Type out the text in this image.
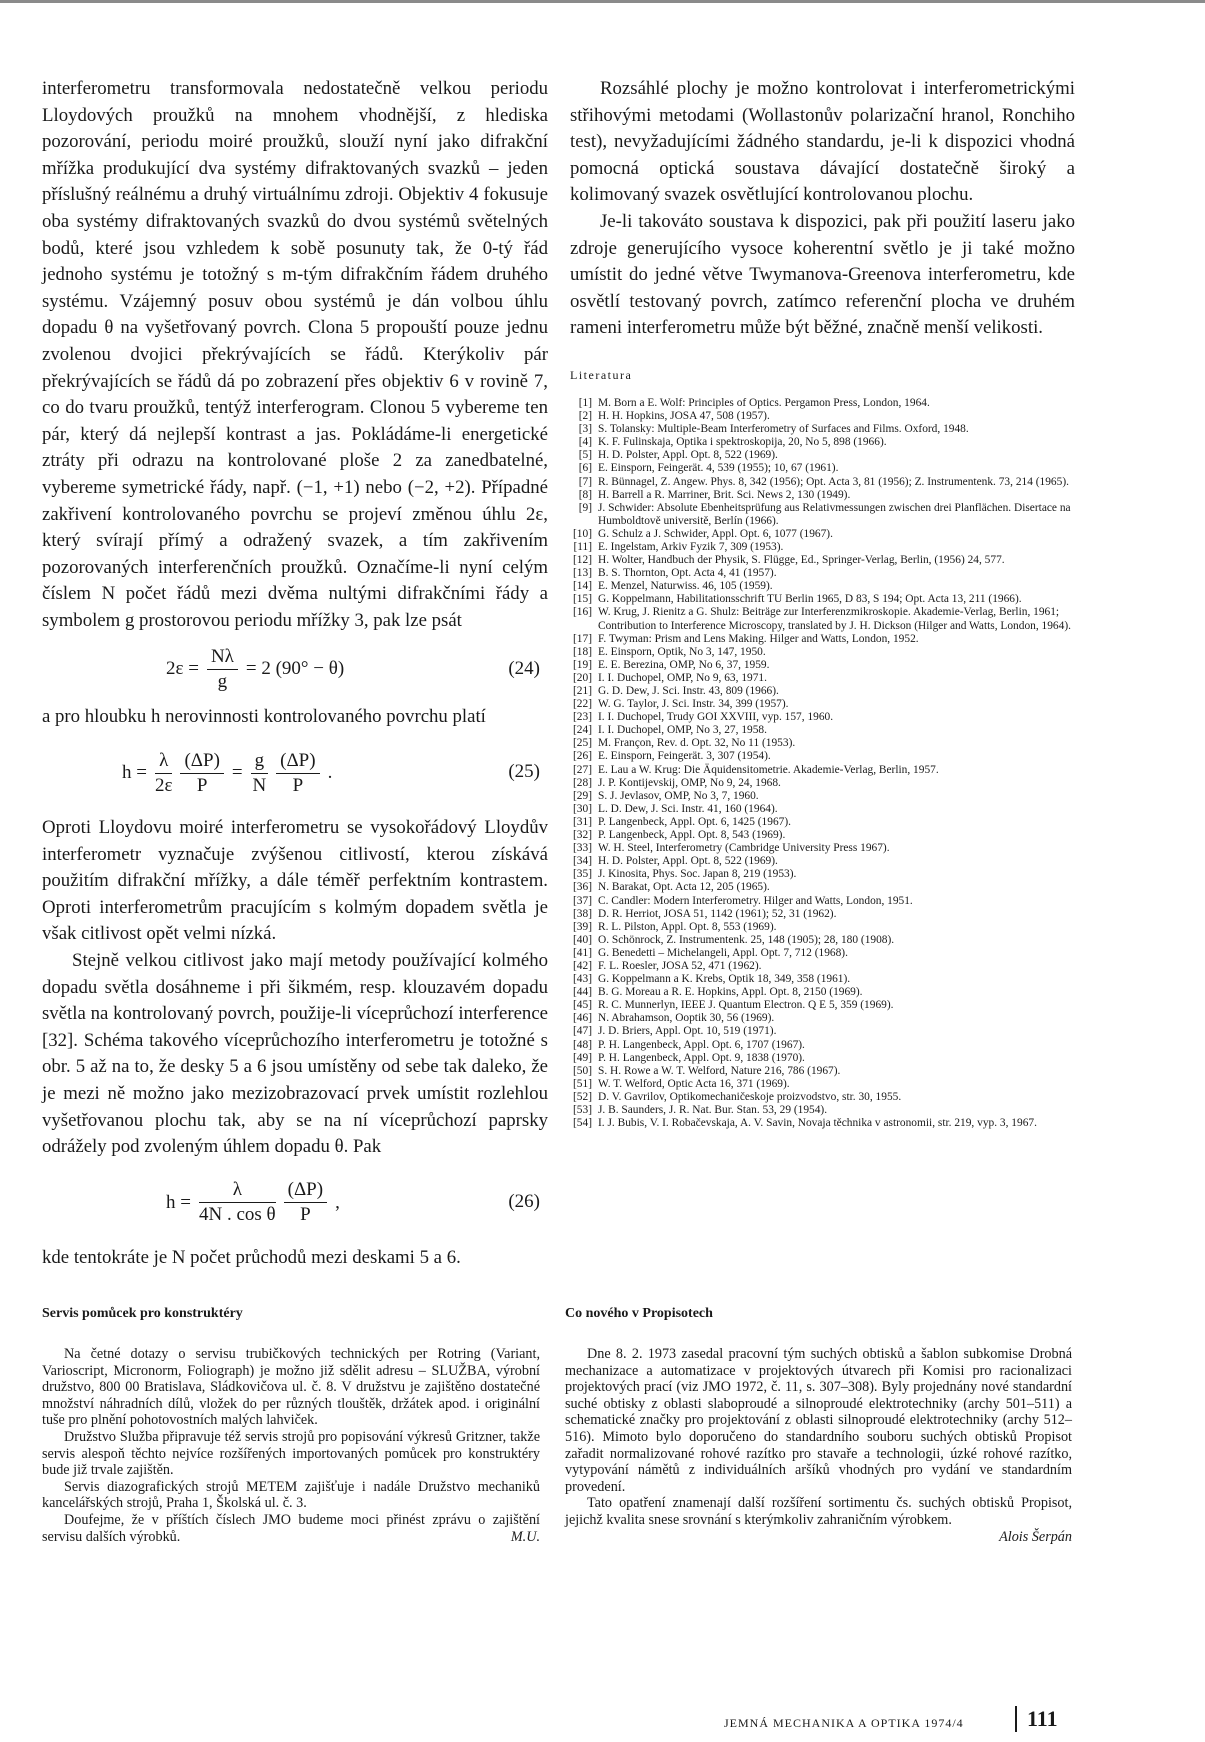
interferometru transformovala nedostatečně velkou periodu Lloydových proužků na mnohem vhodnější, z hlediska pozorování, periodu moiré proužků, slouží nyní jako difrakční mřížka produkující dva systémy difraktovaných svazků – jeden příslušný reálnému a druhý virtuálnímu zdroji. Objektiv 4 fokusuje oba systémy difraktovaných svazků do dvou systémů světelných bodů, které jsou vzhledem k sobě posunuty tak, že 0-tý řád jednoho systému je totožný s m-tým difrakčním řádem druhého systému. Vzájemný posuv obou systémů je dán volbou úhlu dopadu θ na vyšetřovaný povrch. Clona 5 propouští pouze jednu zvolenou dvojici překrývajících se řádů. Kterýkoliv pár překrývajících se řádů dá po zobrazení přes objektiv 6 v rovině 7, co do tvaru proužků, tentýž interferogram. Clonou 5 vybereme ten pár, který dá nejlepší kontrast a jas. Pokládáme-li energetické ztráty při odrazu na kontrolované ploše 2 za zanedbatelné, vybereme symetrické řády, např. (−1, +1) nebo (−2, +2). Případné zakřivení kontrolovaného povrchu se projeví změnou úhlu 2ε, který svírají přímý a odražený svazek, a tím zakřivením pozorovaných interferenčních proužků. Označíme-li nyní celým číslem N počet řádů mezi dvěma nultými difrakčními řády a symbolem g prostorovou periodu mřížky 3, pak lze psát

$2\varepsilon = \frac{N\lambda}{g} = 2$ (90° − θ)	(24)

a pro hloubku h nerovinnosti kontrolovaného povrchu platí

$h = \frac{\lambda}{2\varepsilon} \frac{(\Delta P)}{P} = \frac{g}{N} \frac{(\Delta P)}{P}$ .	(25)

Oproti Lloydovu moiré interferometru se vysokořádový Lloydův interferometr vyznačuje zvýšenou citlivostí, kterou získává použitím difrakční mřížky, a dále téměř perfektním kontrastem. Oproti interferometrům pracujícím s kolmým dopadem světla je však citlivost opět velmi nízká.

Stejně velkou citlivost jako mají metody používající kolmého dopadu světla dosáhneme i při šikmém, resp. klouzavém dopadu světla na kontrolovaný povrch, použije-li víceprůchozí interference [32]. Schéma takového víceprůchozího interferometru je totožné s obr. 5 až na to, že desky 5 a 6 jsou umístěny od sebe tak daleko, že je mezi ně možno jako mezizobrazovací prvek umístit rozlehlou vyšetřovanou plochu tak, aby se na ní víceprůchozí paprsky odrážely pod zvoleným úhlem dopadu θ. Pak

$h = \frac{\lambda}{\text{4N . cos θ}} \frac{(\Delta P)}{P}$ ,	(26)

kde tentokráte je N počet průchodů mezi deskami 5 a 6.

Rozsáhlé plochy je možno kontrolovat i interferometrickými střihovými metodami (Wollastonův polarizační hranol, Ronchiho test), nevyžadujícími žádného standardu, je-li k dispozici vhodná pomocná optická soustava dávající dostatečně široký a kolimovaný svazek osvětlující kontrolovanou plochu.

Je-li takováto soustava k dispozici, pak při použití laseru jako zdroje generujícího vysoce koherentní světlo je ji také možno umístit do jedné větve Twymanova-Greenova interferometru, kde osvětlí testovaný povrch, zatímco referenční plocha ve druhém rameni interferometru může být běžné, značně menší velikosti.

Literatura
[1] M. Born a E. Wolf: Principles of Optics. Pergamon Press, London, 1964.
[2] H. H. Hopkins, JOSA 47, 508 (1957).
[3] S. Tolansky: Multiple-Beam Interferometry of Surfaces and Films. Oxford, 1948.
[4] K. F. Fulinskaja, Optika i spektroskopija, 20, No 5, 898 (1966).
[5] H. D. Polster, Appl. Opt. 8, 522 (1969).
[6] E. Einsporn, Feingerät. 4, 539 (1955); 10, 67 (1961).
[7] R. Bünnagel, Z. Angew. Phys. 8, 342 (1956); Opt. Acta 3, 81 (1956); Z. Instrumentenk. 73, 214 (1965).
[8] H. Barrell a R. Marriner, Brit. Sci. News 2, 130 (1949).
[9] J. Schwider: Absolute Ebenheitsprüfung aus Relativmessungen zwischen drei Planflächen. Disertace na Humboldtově universitě, Berlín (1966).
[10] G. Schulz a J. Schwider, Appl. Opt. 6, 1077 (1967).
[11] E. Ingelstam, Arkiv Fyzik 7, 309 (1953).
[12] H. Wolter, Handbuch der Physik, S. Flügge, Ed., Springer-Verlag, Berlin, (1956) 24, 577.
[13] B. S. Thornton, Opt. Acta 4, 41 (1957).
[14] E. Menzel, Naturwiss. 46, 105 (1959).
[15] G. Koppelmann, Habilitationsschrift TU Berlin 1965, D 83, S 194; Opt. Acta 13, 211 (1966).
[16] W. Krug, J. Rienitz a G. Shulz: Beiträge zur Interferenzmikroskopie. Akademie-Verlag, Berlin, 1961; Contribution to Interference Microscopy, translated by J. H. Dickson (Hilger and Watts, London, 1964).
[17] F. Twyman: Prism and Lens Making. Hilger and Watts, London, 1952.
[18] E. Einsporn, Optik, No 3, 147, 1950.
[19] E. E. Berezina, OMP, No 6, 37, 1959.
[20] I. I. Duchopel, OMP, No 9, 63, 1971.
[21] G. D. Dew, J. Sci. Instr. 43, 809 (1966).
[22] W. G. Taylor, J. Sci. Instr. 34, 399 (1957).
[23] I. I. Duchopel, Trudy GOI XXVIII, vyp. 157, 1960.
[24] I. I. Duchopel, OMP, No 3, 27, 1958.
[25] M. Françon, Rev. d. Opt. 32, No 11 (1953).
[26] E. Einsporn, Feingerät. 3, 307 (1954).
[27] E. Lau a W. Krug: Die Äquidensitometrie. Akademie-Verlag, Berlin, 1957.
[28] J. P. Kontijevskij, OMP, No 9, 24, 1968.
[29] S. J. Jevlasov, OMP, No 3, 7, 1960.
[30] L. D. Dew, J. Sci. Instr. 41, 160 (1964).
[31] P. Langenbeck, Appl. Opt. 6, 1425 (1967).
[32] P. Langenbeck, Appl. Opt. 8, 543 (1969).
[33] W. H. Steel, Interferometry (Cambridge University Press 1967).
[34] H. D. Polster, Appl. Opt. 8, 522 (1969).
[35] J. Kinosita, Phys. Soc. Japan 8, 219 (1953).
[36] N. Barakat, Opt. Acta 12, 205 (1965).
[37] C. Candler: Modern Interferometry. Hilger and Watts, London, 1951.
[38] D. R. Herriot, JOSA 51, 1142 (1961); 52, 31 (1962).
[39] R. L. Pilston, Appl. Opt. 8, 553 (1969).
[40] O. Schönrock, Z. Instrumentenk. 25, 148 (1905); 28, 180 (1908).
[41] G. Benedetti – Michelangeli, Appl. Opt. 7, 712 (1968).
[42] F. L. Roesler, JOSA 52, 471 (1962).
[43] G. Koppelmann a K. Krebs, Optik 18, 349, 358 (1961).
[44] B. G. Moreau a R. E. Hopkins, Appl. Opt. 8, 2150 (1969).
[45] R. C. Munnerlyn, IEEE J. Quantum Electron. Q E 5, 359 (1969).
[46] N. Abrahamson, Ooptik 30, 56 (1969).
[47] J. D. Briers, Appl. Opt. 10, 519 (1971).
[48] P. H. Langenbeck, Appl. Opt. 6, 1707 (1967).
[49] P. H. Langenbeck, Appl. Opt. 9, 1838 (1970).
[50] S. H. Rowe a W. T. Welford, Nature 216, 786 (1967).
[51] W. T. Welford, Optic Acta 16, 371 (1969).
[52] D. V. Gavrilov, Optikomechaničeskoje proizvodstvo, str. 30, 1955.
[53] J. B. Saunders, J. R. Nat. Bur. Stan. 53, 29 (1954).
[54] I. J. Bubis, V. I. Robačevskaja, A. V. Savin, Novaja těchnika v astronomii, str. 219, vyp. 3, 1967.
Servis pomůcek pro konstruktéry

Na četné dotazy o servisu trubičkových technických per Rotring (Variant, Varioscript, Micronorm, Foliograph) je možno již sdělit adresu – SLUŽBA, výrobní družstvo, 800 00 Bratislava, Sládkovičova ul. č. 8. V družstvu je zajištěno dostatečné množství náhradních dílů, vložek do per různých tlouštěk, držátek apod. i originální tuše pro plnění pohotovostních malých lahviček.

Družstvo Služba připravuje též servis strojů pro popisování výkresů Gritzner, takže servis alespoň těchto nejvíce rozšířených importovaných pomůcek pro konstruktéry bude již trvale zajištěn.

Servis diazografických strojů METEM zajišťuje i nadále Družstvo mechaniků kancelářských strojů, Praha 1, Školská ul. č. 3.

Doufejme, že v příštích číslech JMO budeme moci přinést zprávu o zajištění servisu dalších výrobků.	M.U.
Co nového v Propisotech

Dne 8. 2. 1973 zasedal pracovní tým suchých obtisků a šablon subkomise Drobná mechanizace a automatizace v projektových útvarech při Komisi pro racionalizaci projektových prací (viz JMO 1972, č. 11, s. 307–308). Byly projednány nové standardní suché obtisky z oblasti slaboproudé a silnoproudé elektrotechniky (archy 501–511) a schematické značky pro projektování z oblasti silnoproudé elektrotechniky (archy 512–516). Mimoto bylo doporučeno do standardního souboru suchých obtisků Propisot zařadit normalizované rohové razítko pro stavaře a technologii, úzké rohové razítko, vytypování námětů z individuálních aršíků vhodných pro vydání ve standardním provedení.

Tato opatření znamenají další rozšíření sortimentu čs. suchých obtisků Propisot, jejichž kvalita snese srovnání s kterýmkoliv zahraničním výrobkem.

Alois Šerpán
JEMNÁ MECHANIKA A OPTIKA 1974/4	111
